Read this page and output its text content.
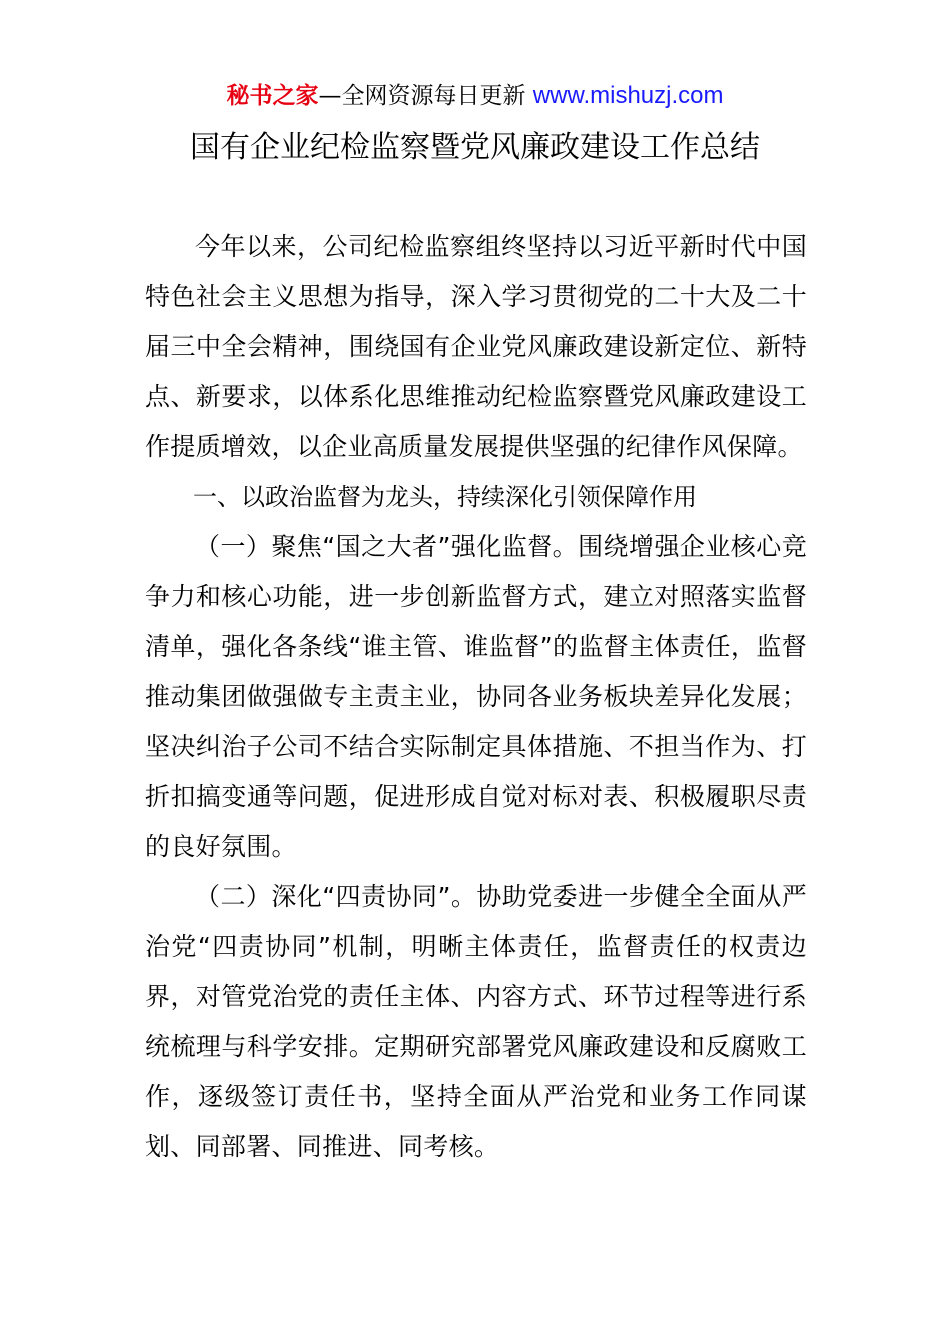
秘书之家—全网资源每日更新 www.mishuzj.com
国有企业纪检监察暨党风廉政建设工作总结

今年以来，公司纪检监察组终坚持以习近平新时代中国特色社会主义思想为指导，深入学习贯彻党的二十大及二十届三中全会精神，围绕国有企业党风廉政建设新定位、新特点、新要求，以体系化思维推动纪检监察暨党风廉政建设工作提质增效，以企业高质量发展提供坚强的纪律作风保障。

一、以政治监督为龙头，持续深化引领保障作用

（一）聚焦“国之大者”强化监督。围绕增强企业核心竞争力和核心功能，进一步创新监督方式，建立对照落实监督清单，强化各条线“谁主管、谁监督”的监督主体责任，监督推动集团做强做专主责主业，协同各业务板块差异化发展；坚决纠治子公司不结合实际制定具体措施、不担当作为、打折扣搞变通等问题，促进形成自觉对标对表、积极履职尽责的良好氛围。

（二）深化“四责协同”。协助党委进一步健全全面从严治党“四责协同”机制，明晰主体责任，监督责任的权责边界，对管党治党的责任主体、内容方式、环节过程等进行系统梳理与科学安排。定期研究部署党风廉政建设和反腐败工作，逐级签订责任书，坚持全面从严治党和业务工作同谋划、同部署、同推进、同考核。
